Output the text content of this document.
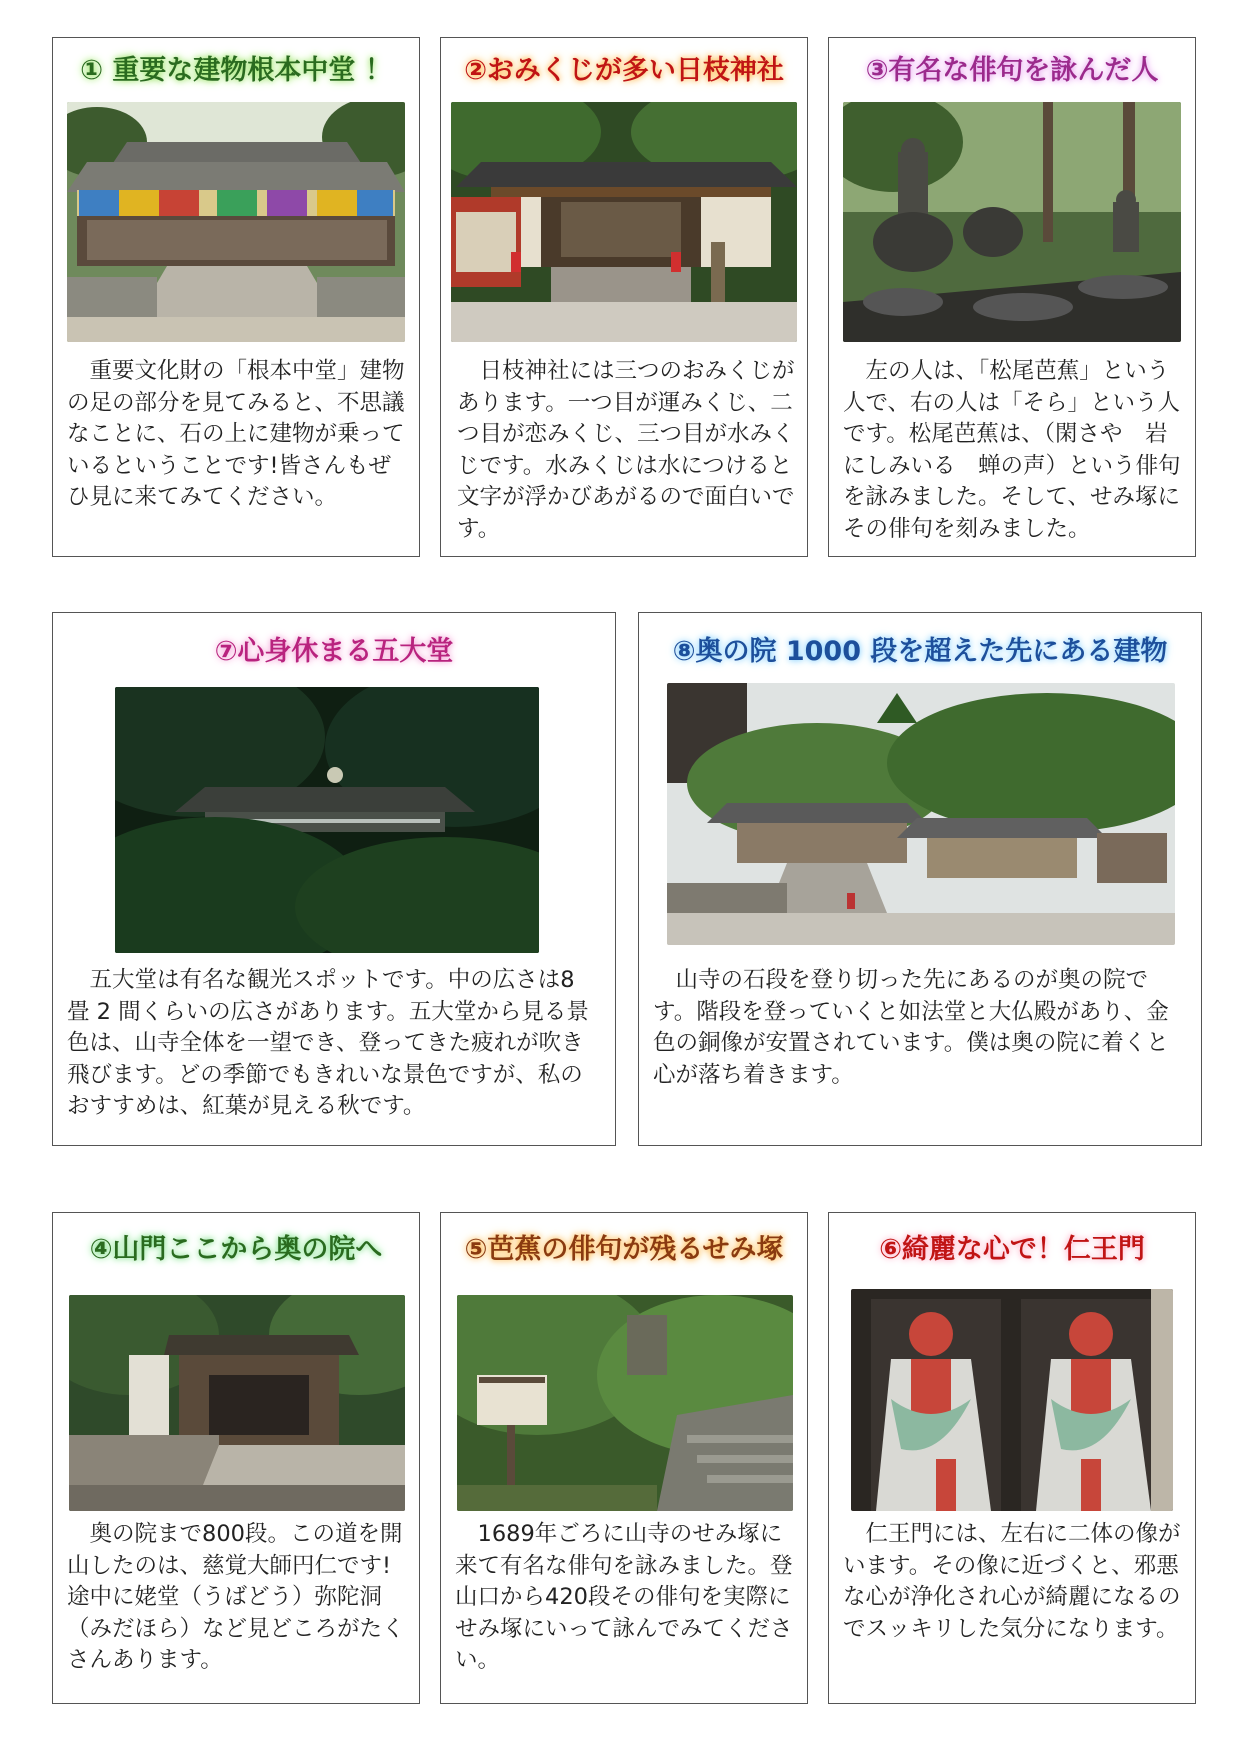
① 重要な建物根本中堂 ！
重要文化財の「根本中堂」建物の足の部分を見てみると、不思議なことに、石の上に建物が乗っているということです!皆さんもぜひ見に来てみてください。
②おみくじが多い日枝神社
日枝神社には三つのおみくじがあります。一つ目が運みくじ、二つ目が恋みくじ、三つ目が水みくじです。水みくじは水につけると文字が浮かびあがるので面白いです。
③有名な俳句を詠んだ人
左の人は、「松尾芭蕉」という人で、右の人は「そら」という人です。松尾芭蕉は、（閑さや　岩にしみいる　蝉の声）という俳句を詠みました。そして、せみ塚にその俳句を刻みました。
⑦心身休まる五大堂
五大堂は有名な観光スポットです。中の広さは8 畳 2 間くらいの広さがあります。五大堂から見る景色は、山寺全体を一望でき、登ってきた疲れが吹き飛びます。どの季節でもきれいな景色ですが、私のおすすめは、紅葉が見える秋です。
⑧奥の院 1000 段を超えた先にある建物
山寺の石段を登り切った先にあるのが奥の院です。階段を登っていくと如法堂と大仏殿があり、金色の銅像が安置されています。僕は奥の院に着くと心が落ち着きます。
④山門ここから奥の院へ
奥の院まで800段。この道を開山したのは、慈覚大師円仁です!途中に姥堂（うばどう）弥陀洞（みだほら）など見どころがたくさんあります。
⑤芭蕉の俳句が残るせみ塚
1689年ごろに山寺のせみ塚に来て有名な俳句を詠みました。登山口から420段その俳句を実際にせみ塚にいって詠んでみてください。
⑥綺麗な心で！仁王門
仁王門には、左右に二体の像がいます。その像に近づくと、邪悪な心が浄化され心が綺麗になるのでスッキリした気分になります。
